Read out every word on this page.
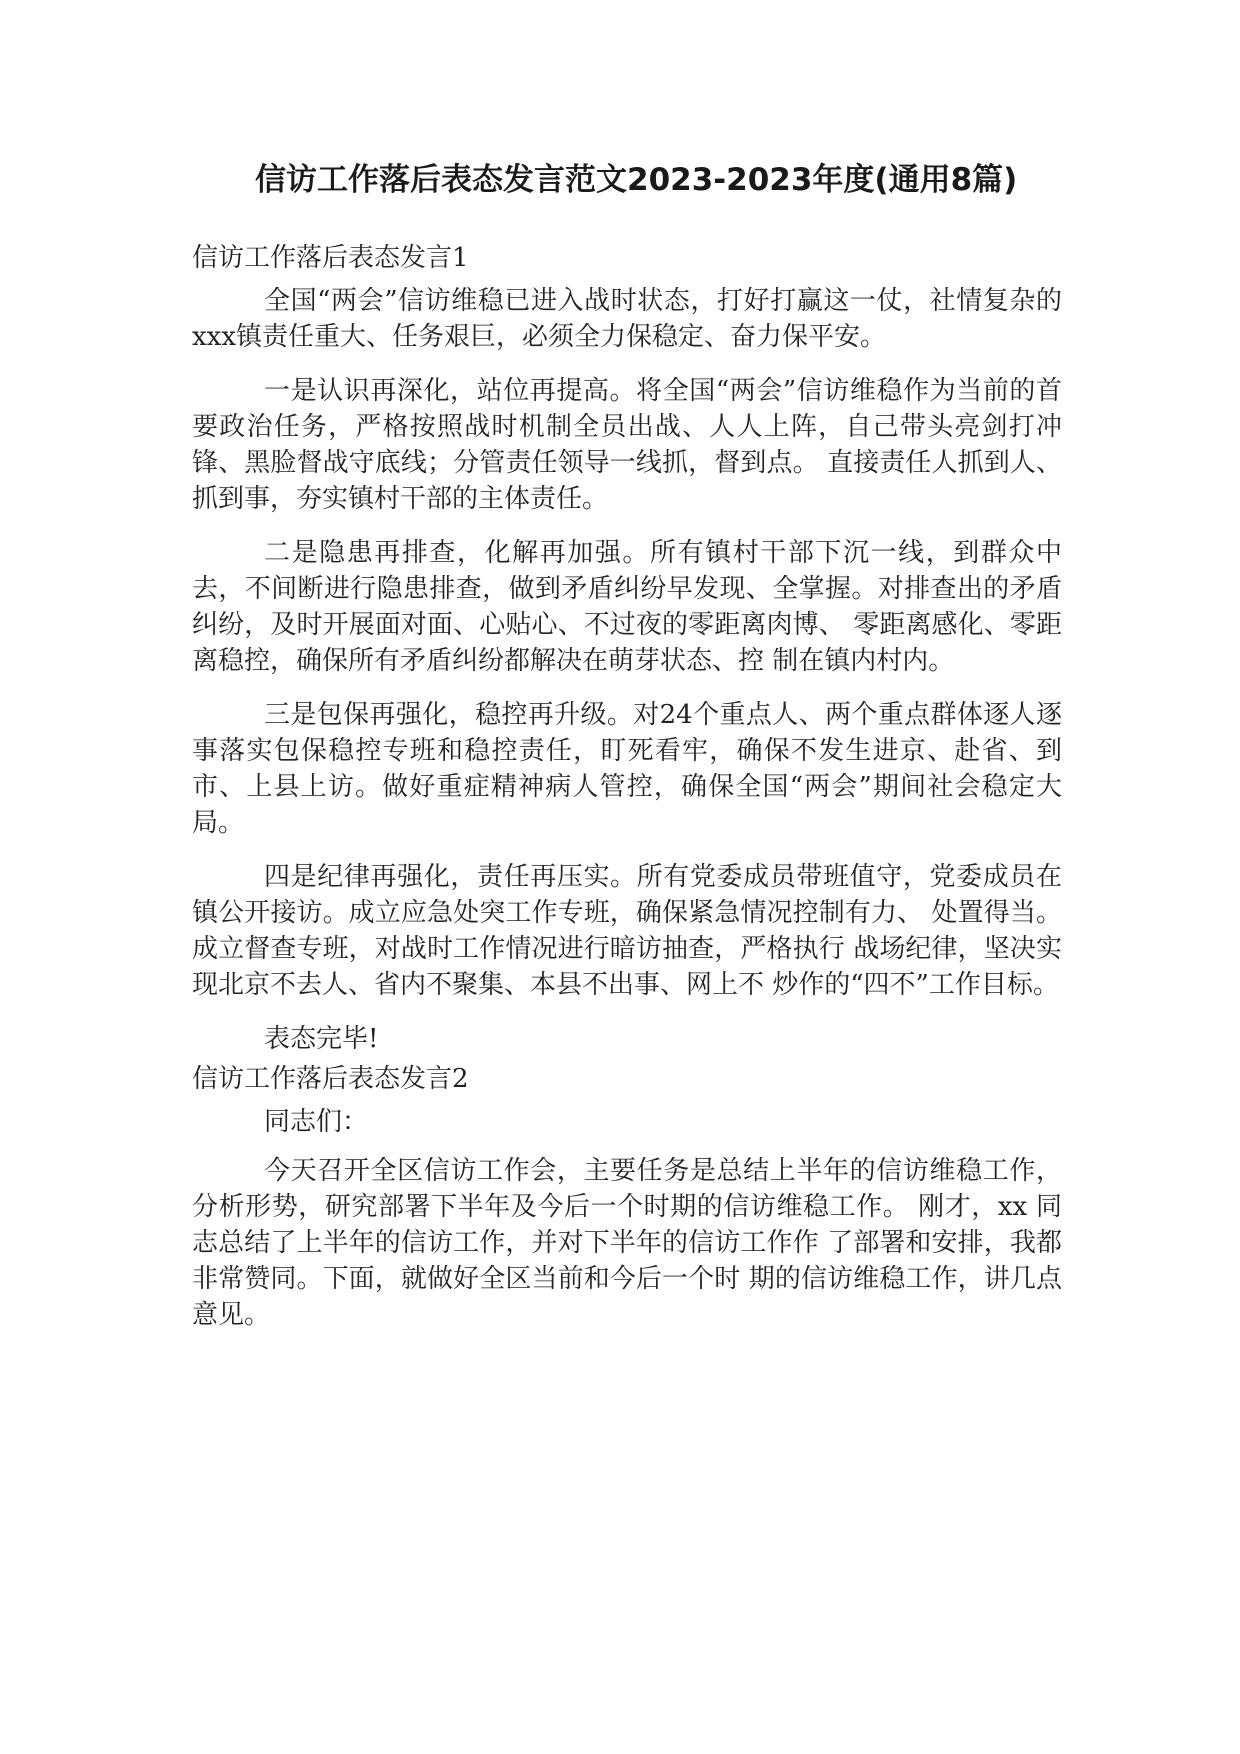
信访工作落后表态发言范文2023-2023年度(通用8篇)
信访工作落后表态发言1

全国“两会”信访维稳已进入战时状态，打好打赢这一仗，社情复杂的 xxx镇责任重大、任务艰巨，必须全力保稳定、奋力保平安。

一是认识再深化，站位再提高。将全国“两会”信访维稳作为当前的首要政治任务，严格按照战时机制全员出战、人人上阵，自己带头亮剑打冲锋、黑脸督战守底线；分管责任领导一线抓，督到点。 直接责任人抓到人、抓到事，夯实镇村干部的主体责任。

二是隐患再排查，化解再加强。所有镇村干部下沉一线，到群众中去，不间断进行隐患排查，做到矛盾纠纷早发现、全掌握。对排查出的矛盾纠纷，及时开展面对面、心贴心、不过夜的零距离肉博、 零距离感化、零距离稳控，确保所有矛盾纠纷都解决在萌芽状态、控 制在镇内村内。

三是包保再强化，稳控再升级。对24个重点人、两个重点群体逐人逐事落实包保稳控专班和稳控责任，盯死看牢，确保不发生进京、赴省、到市、上县上访。做好重症精神病人管控，确保全国“两会”期间社会稳定大局。

四是纪律再强化，责任再压实。所有党委成员带班值守，党委成员在镇公开接访。成立应急处突工作专班，确保紧急情况控制有力、 处置得当。成立督查专班，对战时工作情况进行暗访抽查，严格执行 战场纪律，坚决实现北京不去人、省内不聚集、本县不出事、网上不 炒作的“四不”工作目标。

表态完毕!

信访工作落后表态发言2

同志们：

今天召开全区信访工作会，主要任务是总结上半年的信访维稳工作，分析形势，研究部署下半年及今后一个时期的信访维稳工作。 刚才，xx 同志总结了上半年的信访工作，并对下半年的信访工作作 了部署和安排，我都非常赞同。下面，就做好全区当前和今后一个时 期的信访维稳工作，讲几点意见。
